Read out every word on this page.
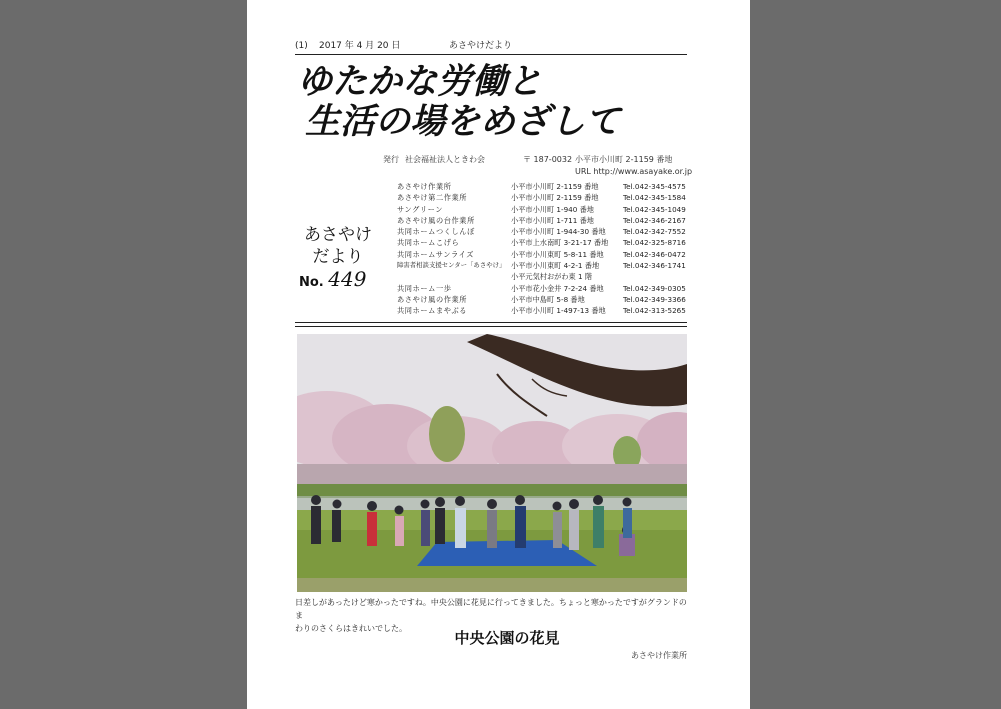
(1) 2017 年 4 月 20 日	あさやけだより
ゆたかな労働と
生活の場をめざして
発行 社会福祉法人ときわ会	〒 187-0032 小平市小川町 2-1159 番地
URL http://www.asayake.or.jp
あさやけ
だより
No. 449
あさやけ作業所	小平市小川町 2-1159 番地	Tel.042-345-4575
あさやけ第二作業所	小平市小川町 2-1159 番地	Tel.042-345-1584
サングリーン	小平市小川町 1-940 番地	Tel.042-345-1049
あさやけ風の台作業所	小平市小川町 1-711 番地	Tel.042-346-2167
共同ホームつくしんぼ	小平市小川町 1-944-30 番地	Tel.042-342-7552
共同ホームこげら	小平市上水南町 3-21-17 番地	Tel.042-325-8716
共同ホームサンライズ	小平市小川東町 5-8-11 番地	Tel.042-346-0472
障害者相談支援センター「あさやけ」 小平市小川東町 4-2-1 番地	Tel.042-346-1741
小平元気村おがわ東 1 階
共同ホーム一歩	小平市花小金井 7-2-24 番地	Tel.042-349-0305
あさやけ風の作業所	小平市中島町 5-8 番地	Tel.042-349-3366
共同ホームまやぶる	小平市小川町 1-497-13 番地	Tel.042-313-5265
日差しがあったけど寒かったですね。中央公園に花見に行ってきました。ちょっと寒かったですがグランドのま
わりのさくらはきれいでした。
中央公園の花見
あさやけ作業所
